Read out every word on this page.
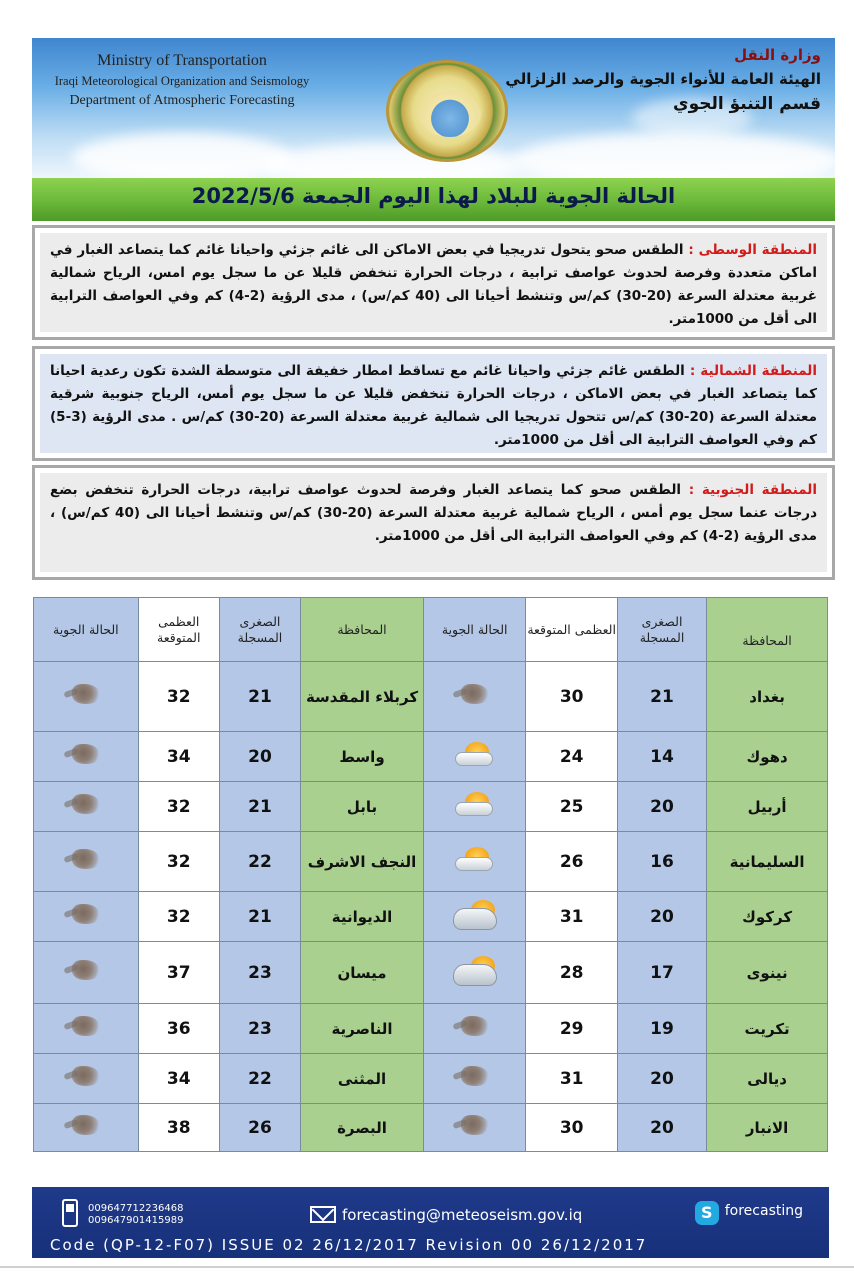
Ministry of Transportation
Iraqi Meteorological Organization and Seismology
Department of Atmospheric Forecasting
وزارة النقل
الهيئة العامة للأنواء الجوية والرصد الزلزالي
قسم التنبؤ الجوي
الحالة الجوية للبلاد لهذا اليوم الجمعة 2022/5/6
المنطقة الوسطى : الطقس صحو يتحول تدريجيا في بعض الاماكن الى غائم جزئي واحيانا غائم كما يتصاعد الغبار في اماكن متعددة وفرصة لحدوث عواصف ترابية ، درجات الحرارة تنخفض قليلا عن ما سجل يوم امس، الرياح شمالية غربية معتدلة السرعة (20-30) كم/س وتنشط أحيانا الى (40 كم/س) ، مدى الرؤية (2-4) كم وفي العواصف الترابية الى أقل من 1000متر.
المنطقة الشمالية : الطقس غائم جزئي واحيانا غائم مع تساقط امطار خفيفة الى متوسطة الشدة تكون رعدية احيانا كما يتصاعد الغبار في بعض الاماكن ، درجات الحرارة تنخفض قليلا عن ما سجل يوم أمس، الرياح جنوبية شرقية معتدلة السرعة (20-30) كم/س تتحول تدريجيا الى شمالية غربية معتدلة السرعة (20-30) كم/س . مدى الرؤية (3-5) كم وفي العواصف الترابية الى أقل من 1000متر.
المنطقة الجنوبية : الطقس صحو كما يتصاعد الغبار وفرصة لحدوث عواصف ترابية، درجات الحرارة تنخفض بضع درجات عنما سجل يوم أمس ، الرياح شمالية غربية معتدلة السرعة (20-30) كم/س وتنشط أحيانا الى (40 كم/س) ، مدى الرؤية (2-4) كم وفي العواصف الترابية الى أقل من 1000متر.
المحافظة	الصغرى المسجلة	العظمى المتوقعة	الحالة الجوية	المحافظة	الصغرى المسجلة	العظمى المتوقعة	الحالة الجوية
بغداد	21	30		كربلاء المقدسة	21	32	

دهوك	14	24		واسط	20	34	

أربيل	20	25		بابل	21	32	

السليمانية	16	26		النجف الاشرف	22	32	

كركوك	20	31		الديوانية	21	32	

نينوى	17	28		ميسان	23	37	

تكريت	19	29		الناصرية	23	36	

ديالى	20	31		المثنى	22	34	

الانبار	20	30		البصرة	26	38	
009647712236468
009647901415989	forecasting@meteoseism.gov.iq	S forecasting
Code (QP-12-F07) ISSUE 02 26/12/2017 Revision 00 26/12/2017
